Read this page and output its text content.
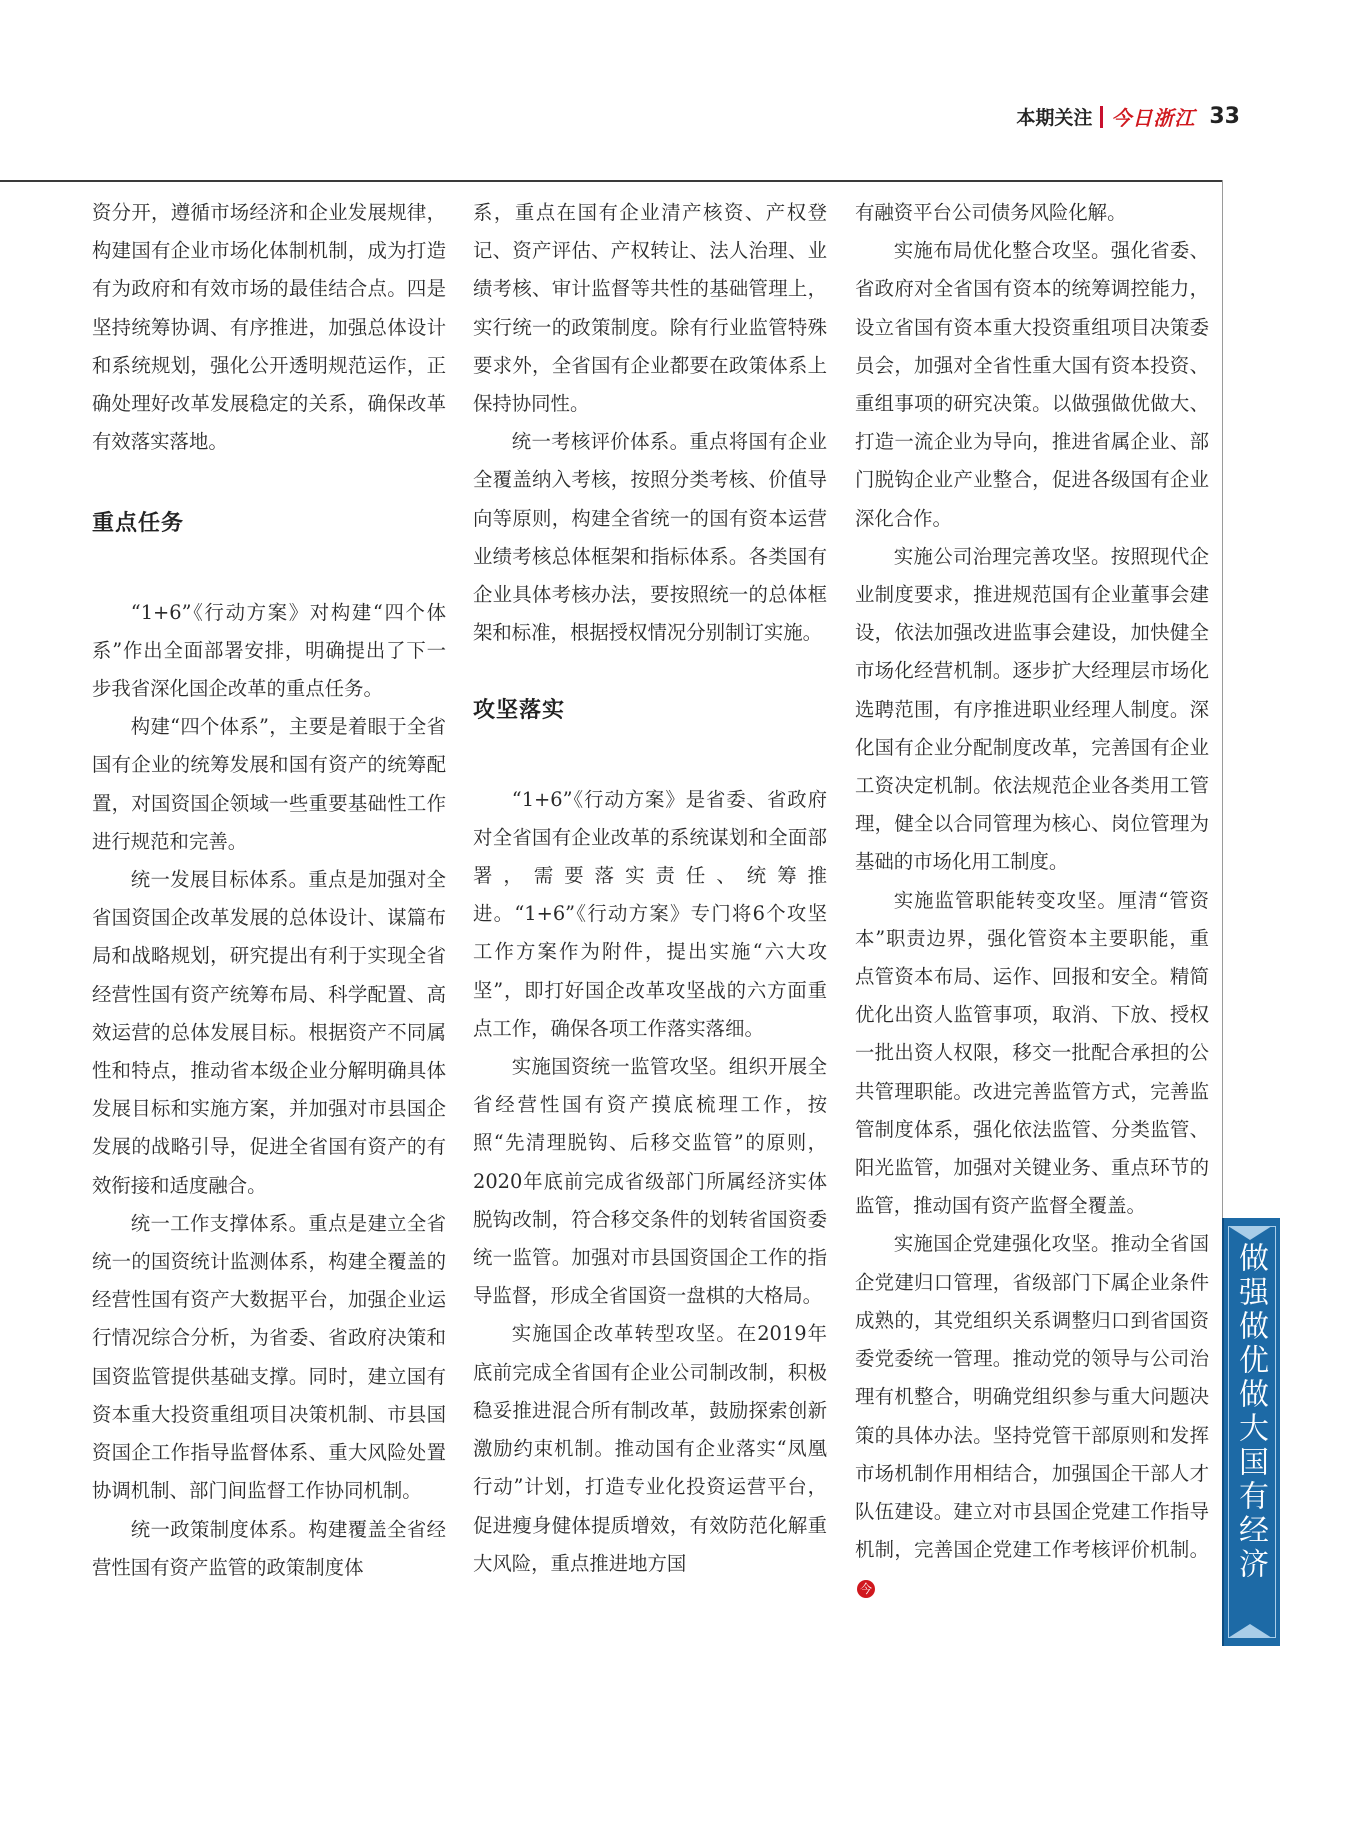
本期关注 今日浙江 33

资分开，遵循市场经济和企业发展规律，构建国有企业市场化体制机制，成为打造有为政府和有效市场的最佳结合点。四是坚持统筹协调、有序推进，加强总体设计和系统规划，强化公开透明规范运作，正确处理好改革发展稳定的关系，确保改革有效落实落地。

重点任务

“1+6”《行动方案》对构建“四个体系”作出全面部署安排，明确提出了下一步我省深化国企改革的重点任务。

构建“四个体系”，主要是着眼于全省国有企业的统筹发展和国有资产的统筹配置，对国资国企领域一些重要基础性工作进行规范和完善。

统一发展目标体系。重点是加强对全省国资国企改革发展的总体设计、谋篇布局和战略规划，研究提出有利于实现全省经营性国有资产统筹布局、科学配置、高效运营的总体发展目标。根据资产不同属性和特点，推动省本级企业分解明确具体发展目标和实施方案，并加强对市县国企发展的战略引导，促进全省国有资产的有效衔接和适度融合。

统一工作支撑体系。重点是建立全省统一的国资统计监测体系，构建全覆盖的经营性国有资产大数据平台，加强企业运行情况综合分析，为省委、省政府决策和国资监管提供基础支撑。同时，建立国有资本重大投资重组项目决策机制、市县国资国企工作指导监督体系、重大风险处置协调机制、部门间监督工作协同机制。

统一政策制度体系。构建覆盖全省经营性国有资产监管的政策制度体

系，重点在国有企业清产核资、产权登记、资产评估、产权转让、法人治理、业绩考核、审计监督等共性的基础管理上，实行统一的政策制度。除有行业监管特殊要求外，全省国有企业都要在政策体系上保持协同性。

统一考核评价体系。重点将国有企业全覆盖纳入考核，按照分类考核、价值导向等原则，构建全省统一的国有资本运营业绩考核总体框架和指标体系。各类国有企业具体考核办法，要按照统一的总体框架和标准，根据授权情况分别制订实施。

攻坚落实

“1+6”《行动方案》是省委、省政府对全省国有企业改革的系统谋划和全面部署，需要落实责任、统筹推进。“1+6”《行动方案》专门将6个攻坚工作方案作为附件，提出实施“六大攻坚”，即打好国企改革攻坚战的六方面重点工作，确保各项工作落实落细。

实施国资统一监管攻坚。组织开展全省经营性国有资产摸底梳理工作，按照“先清理脱钩、后移交监管”的原则，2020年底前完成省级部门所属经济实体脱钩改制，符合移交条件的划转省国资委统一监管。加强对市县国资国企工作的指导监督，形成全省国资一盘棋的大格局。

实施国企改革转型攻坚。在2019年底前完成全省国有企业公司制改制，积极稳妥推进混合所有制改革，鼓励探索创新激励约束机制。推动国有企业落实“凤凰行动”计划，打造专业化投资运营平台，促进瘦身健体提质增效，有效防范化解重大风险，重点推进地方国

有融资平台公司债务风险化解。

实施布局优化整合攻坚。强化省委、省政府对全省国有资本的统筹调控能力，设立省国有资本重大投资重组项目决策委员会，加强对全省性重大国有资本投资、重组事项的研究决策。以做强做优做大、打造一流企业为导向，推进省属企业、部门脱钩企业产业整合，促进各级国有企业深化合作。

实施公司治理完善攻坚。按照现代企业制度要求，推进规范国有企业董事会建设，依法加强改进监事会建设，加快健全市场化经营机制。逐步扩大经理层市场化选聘范围，有序推进职业经理人制度。深化国有企业分配制度改革，完善国有企业工资决定机制。依法规范企业各类用工管理，健全以合同管理为核心、岗位管理为基础的市场化用工制度。

实施监管职能转变攻坚。厘清“管资本”职责边界，强化管资本主要职能，重点管资本布局、运作、回报和安全。精简优化出资人监管事项，取消、下放、授权一批出资人权限，移交一批配合承担的公共管理职能。改进完善监管方式，完善监管制度体系，强化依法监管、分类监管、阳光监管，加强对关键业务、重点环节的监管，推动国有资产监督全覆盖。

实施国企党建强化攻坚。推动全省国企党建归口管理，省级部门下属企业条件成熟的，其党组织关系调整归口到省国资委党委统一管理。推动党的领导与公司治理有机整合，明确党组织参与重大问题决策的具体办法。坚持党管干部原则和发挥市场机制作用相结合，加强国企干部人才队伍建设。建立对市县国企党建工作指导机制，完善国企党建工作考核评价机制。今

做强做优做大国有经济
